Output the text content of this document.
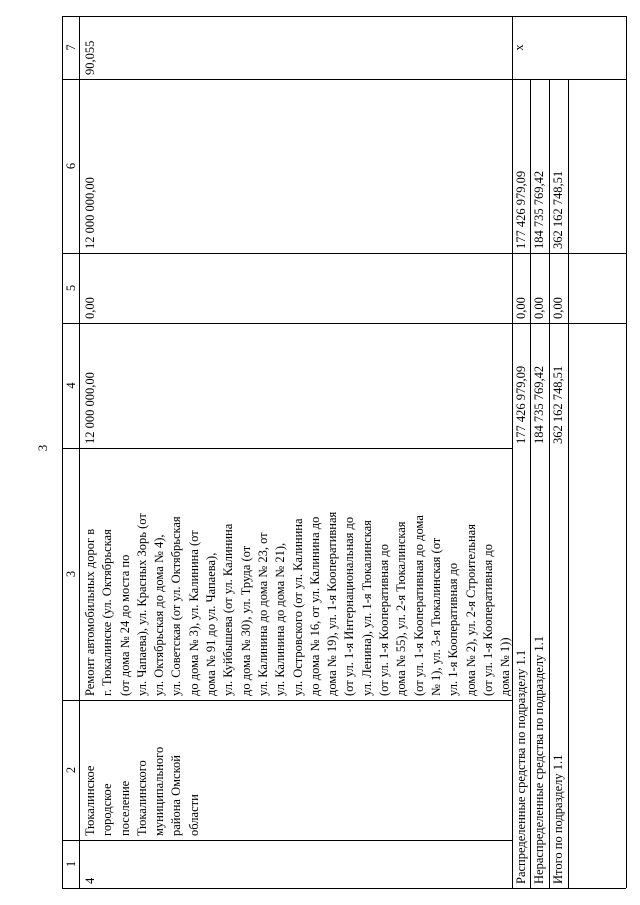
3
7
6
5
4
3
2
1
4
Тюкалинское городское поселение Тюкалинского муниципального района Омской области
Ремонт автомобильных дорог в г. Тюкалинске (ул. Октябрьская (от дома № 24 до моста по ул. Чапаева), ул. Красных Зорь (от ул. Октябрьская до дома № 4), ул. Советская (от ул. Октябрьская до дома № 3), ул. Калинина (от дома № 91 до ул. Чапаева), ул. Куйбышева (от ул. Калинина до дома № 30), ул. Труда (от ул. Калинина до дома № 23, от ул. Калинина до дома № 21), ул. Островского (от ул. Калинина до дома № 16, от ул. Калинина до дома № 19), ул. 1-я Кооперативная (от ул. 1-я Интернациональная до ул. Ленина), ул. 1-я Тюкалинская (от ул. 1-я Кооперативная до дома № 55), ул. 2-я Тюкалинская (от ул. 1-я Кооперативная до дома № 1), ул. 3-я Тюкалинская (от ул. 1-я Кооперативная до дома № 2), ул. 2-я Строительная (от ул. 1-я Кооперативная до дома № 1))
12 000 000,00
0,00
12 000 000,00
90,055
Распределенные средства по подразделу 1.1
177 426 979,09
0,00
177 426 979,09
Нераспределенные средства по подразделу 1.1
184 735 769,42
0,00
184 735 769,42
Итого по подразделу 1.1
362 162 748,51
0,00
362 162 748,51
х
